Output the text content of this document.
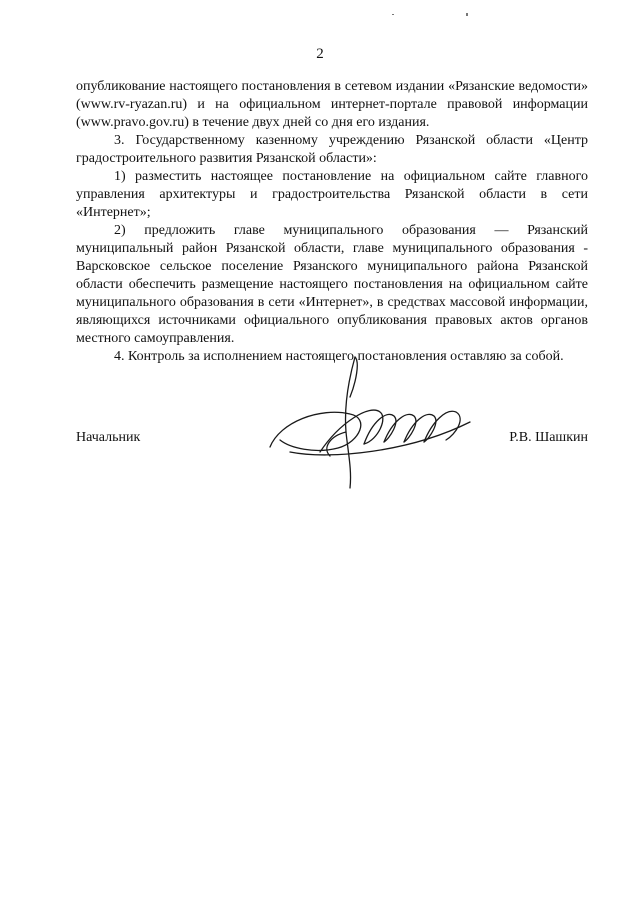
2

опубликование настоящего постановления в сетевом издании «Рязанские ведомости» (www.rv-ryazan.ru) и на официальном интернет-портале правовой информации (www.pravo.gov.ru) в течение двух дней со дня его издания.

3. Государственному казенному учреждению Рязанской области «Центр градостроительного развития Рязанской области»:

1) разместить настоящее постановление на официальном сайте главного управления архитектуры и градостроительства Рязанской области в сети «Интернет»;

2) предложить главе муниципального образования — Рязанский муниципальный район Рязанской области, главе муниципального образования - Варсковское сельское поселение Рязанского муниципального района Рязанской области обеспечить размещение настоящего постановления на официальном сайте муниципального образования в сети «Интернет», в средствах массовой информации, являющихся источниками официального опубликования правовых актов органов местного самоуправления.

4. Контроль за исполнением настоящего постановления оставляю за собой.

Начальник	Р.В. Шашкин
